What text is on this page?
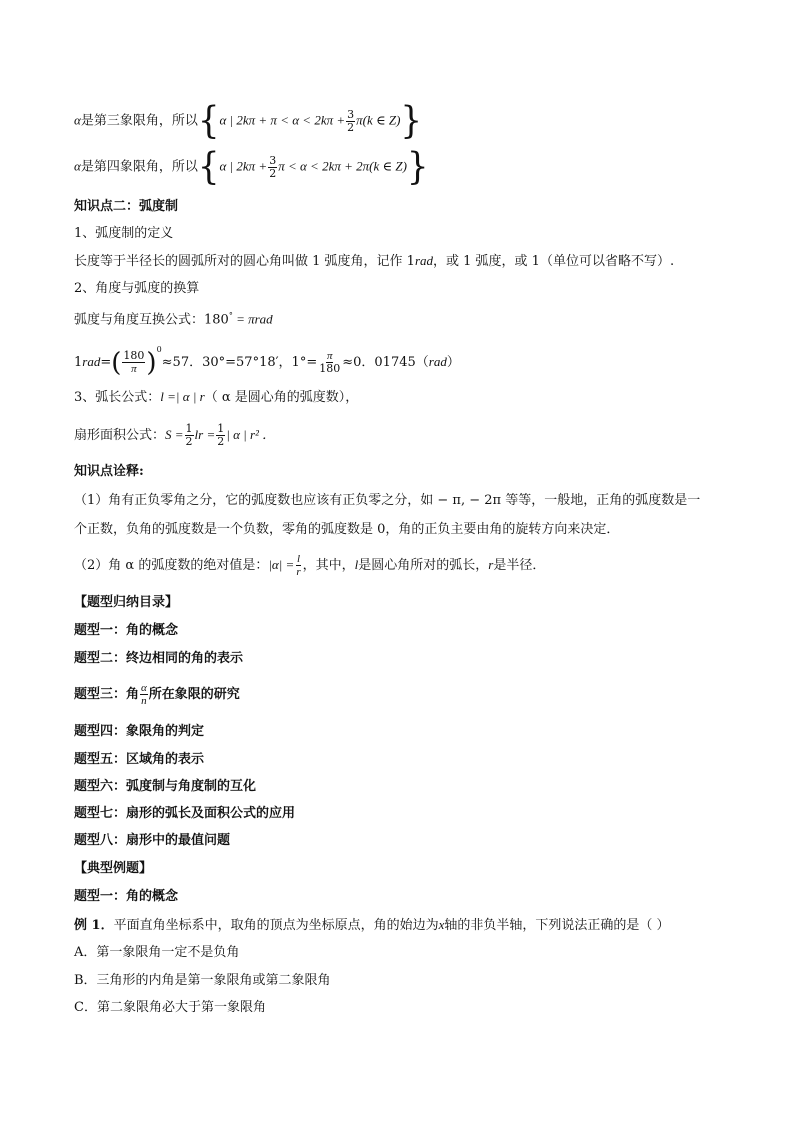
α是第三象限角，所以{α | $2k\pi + \pi < \alpha < 2k\pi + \frac{3}{2} \pi(k$ ∈ Z)}
α是第四象限角，所以{α | $2k\pi + \frac{3}{2}$ π < α < 2kπ + 2π(k ∈ Z)}
知识点二：弧度制
1、弧度制的定义
长度等于半径长的圆弧所对的圆心角叫做 1 弧度角，记作 1rad，或 1 弧度，或 1（单位可以省略不写）.
2、角度与弧度的换算
弧度与角度互换公式：180° = πrad
$1rad=( \frac{180}{\pi} )^0\approx 57$．30°=57°18′，$1^\circ= \frac{\pi}{180} \approx 0$．01745（rad）
3、弧长公式：l =| α | r（ α 是圆心角的弧度数），
扇形面积公式：$S = \frac{1}{2}$ lr = $\frac{1}{2}$ | α | r² ．
知识点诠释:
（1）角有正负零角之分，它的弧度数也应该有正负零之分，如 − π, − 2π 等等，一般地，正角的弧度数是一
个正数，负角的弧度数是一个负数，零角的弧度数是 0，角的正负主要由角的旋转方向来决定．
（2）角 α 的弧度数的绝对值是：$|\alpha| = \frac{l}{r}$ ，其中，l是圆心角所对的弧长，r是半径．
【题型归纳目录】
题型一：角的概念
题型二：终边相同的角的表示
题型三：角 $\frac{\alpha}{n}$ 所在象限的研究
题型四：象限角的判定
题型五：区域角的表示
题型六：弧度制与角度制的互化
题型七：扇形的弧长及面积公式的应用
题型八：扇形中的最值问题
【典型例题】
题型一：角的概念
例 1．平面直角坐标系中，取角的顶点为坐标原点，角的始边为x轴的非负半轴，下列说法正确的是（ ）
A．第一象限角一定不是负角
B．三角形的内角是第一象限角或第二象限角
C．第二象限角必大于第一象限角
